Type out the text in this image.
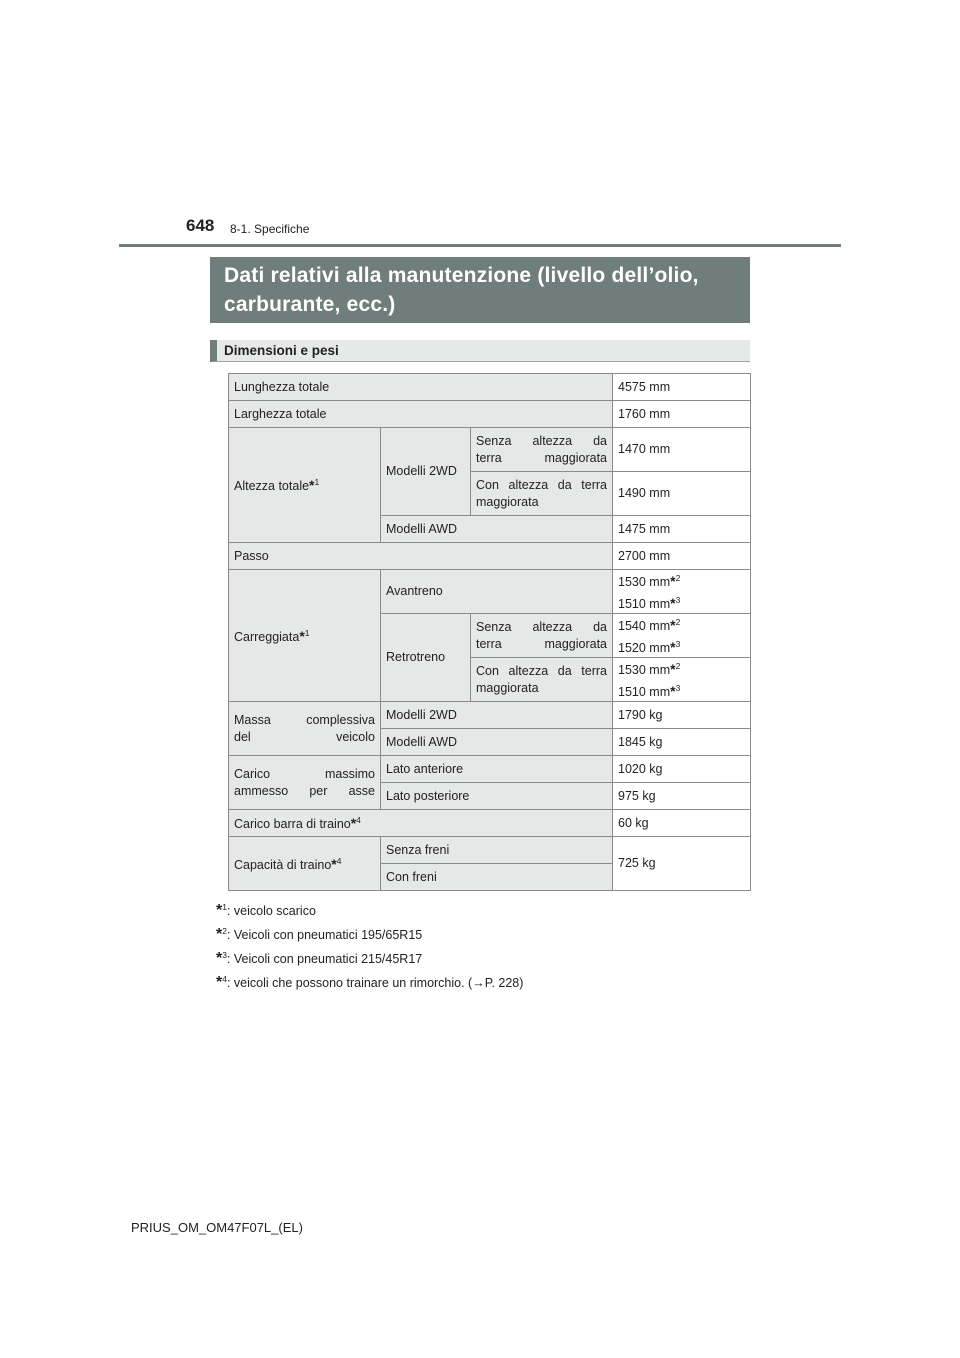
648 8-1. Specifiche
Dati relativi alla manutenzione (livello dell’olio,
carburante, ecc.)
Dimensioni e pesi
Lunghezza totale			4575 mm
Larghezza totale			1760 mm
Altezza totale*$^1$	Modelli 2WD	Senza altezza da
terra maggiorata	1470 mm

		Con altezza da terra
maggiorata	1490 mm
	Modelli AWD		1475 mm
Passo			2700 mm
Carreggiata*$^1$	Avantreno		1530 mm*$^2$
1510 mm*$^3$

	Retrotreno	Senza altezza da
terra maggiorata	1540 mm*$^2$
1520 mm*$^3$

		Con altezza da terra
maggiorata	1530 mm*$^2$
1510 mm*$^3$

Massa complessiva
del veicolo	Modelli 2WD		1790 kg
	Modelli AWD		1845 kg

Carico massimo
ammesso per asse	Lato anteriore		1020 kg
	Lato posteriore		975 kg
Carico barra di traino*$^4$			60 kg
Capacità di traino*$^4$	Senza freni		725 kg
	Con freni		
*$^1$: veicolo scarico
*$^2$: Veicoli con pneumatici 195/65R15
*$^3$: Veicoli con pneumatici 215/45R17
*$^4$: veicoli che possono trainare un rimorchio. (→P. 228)
PRIUS_OM_OM47F07L_(EL)
